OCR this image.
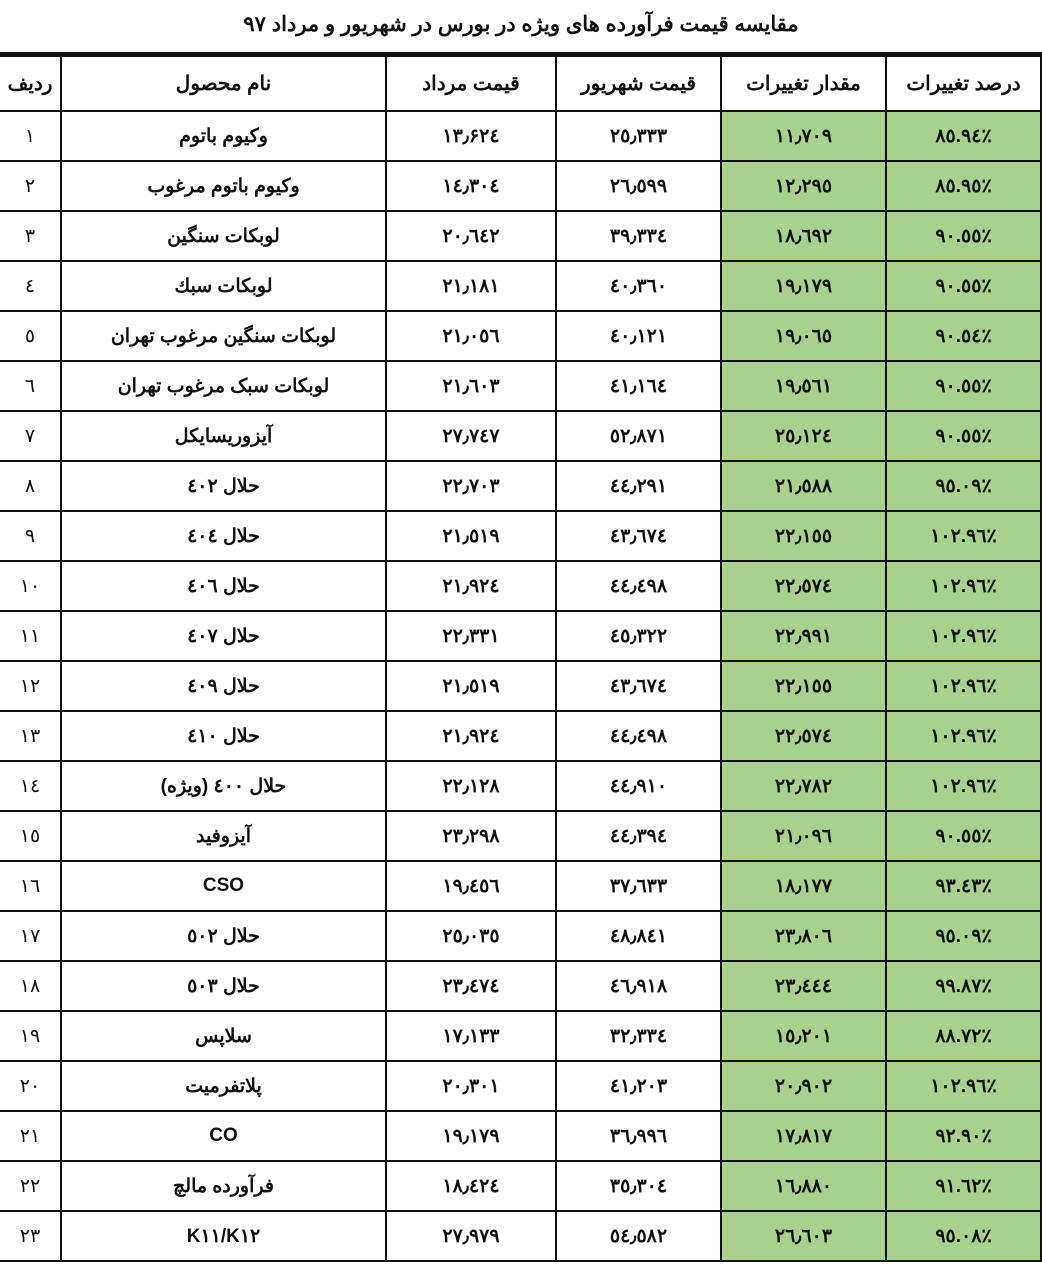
مقایسه قیمت فرآورده های ویژه در بورس در شهریور و مرداد ۹۷
درصد تغییرات	مقدار تغییرات	قیمت شهریور	قیمت مرداد	نام محصول	ردیف
۸٥.۹٤٪	۱۱٫۷۰۹	۲٥٫۳۳۳	۱۳٫۶۲٤	وکیوم باتوم	۱
۸٥.۹٥٪	۱۲٫۲۹٥	۲٦٫٥۹۹	۱٤٫۳۰٤	وکیوم باتوم مرغوب	۲
۹۰.٥٥٪	۱۸٫٦۹۲	۳۹٫۳۳٤	۲۰٫٦٤۲	لوبکات سنگین	۳
۹۰.٥٥٪	۱۹٫۱۷۹	٤۰٫۳٦۰	۲۱٫۱۸۱	لوبکات سبك	٤
۹۰.٥٤٪	۱۹٫۰٦٥	٤۰٫۱۲۱	۲۱٫۰٥٦	لوبکات سنگین مرغوب تهران	٥
۹۰.٥٥٪	۱۹٫٥٦۱	٤۱٫۱٦٤	۲۱٫٦۰۳	لوبکات سبک مرغوب تهران	٦
۹۰.٥٥٪	۲٥٫۱۲٤	٥۲٫۸۷۱	۲۷٫۷٤۷	آیزوریسایکل	۷
۹٥.۰۹٪	۲۱٫٥۸۸	٤٤٫۲۹۱	۲۲٫۷۰۳	حلال ٤۰۲	۸
۱۰۲.۹٦٪	۲۲٫۱٥٥	٤۳٫٦۷٤	۲۱٫٥۱۹	حلال ٤۰٤	۹
۱۰۲.۹٦٪	۲۲٫٥۷٤	٤٤٫٤۹۸	۲۱٫۹۲٤	حلال ٤۰٦	۱۰
۱۰۲.۹٦٪	۲۲٫۹۹۱	٤٥٫۳۲۲	۲۲٫۳۳۱	حلال ٤۰۷	۱۱
۱۰۲.۹٦٪	۲۲٫۱٥٥	٤۳٫٦۷٤	۲۱٫٥۱۹	حلال ٤۰۹	۱۲
۱۰۲.۹٦٪	۲۲٫٥۷٤	٤٤٫٤۹۸	۲۱٫۹۲٤	حلال ٤۱۰	۱۳
۱۰۲.۹٦٪	۲۲٫۷۸۲	٤٤٫۹۱۰	۲۲٫۱۲۸	حلال ٤۰۰ (ویژه)	۱٤
۹۰.٥٥٪	۲۱٫۰۹٦	٤٤٫۳۹٤	۲۳٫۲۹۸	آیزوفید	۱٥
۹۳.٤۳٪	۱۸٫۱۷۷	۳۷٫٦۳۳	۱۹٫٤٥٦	CSO	۱٦
۹٥.۰۹٪	۲۳٫۸۰٦	٤۸٫۸٤۱	۲٥٫۰۳٥	حلال ٥۰۲	۱۷
۹۹.۸۷٪	۲۳٫٤٤٤	٤٦٫۹۱۸	۲۳٫٤۷٤	حلال ٥۰۳	۱۸
۸۸.۷۲٪	۱٥٫۲۰۱	۳۲٫۳۳٤	۱۷٫۱۳۳	سلاپس	۱۹
۱۰۲.۹٦٪	۲۰٫۹۰۲	٤۱٫۲۰۳	۲۰٫۳۰۱	پلاتفرمیت	۲۰
۹۲.۹۰٪	۱۷٫۸۱۷	۳٦٫۹۹٦	۱۹٫۱۷۹	CO	۲۱
۹۱.٦۲٪	۱٦٫۸۸۰	۳٥٫۳۰٤	۱۸٫٤۲٤	فرآورده مالچ	۲۲
۹٥.۰۸٪	۲٦٫٦۰۳	٥٤٫٥۸۲	۲۷٫۹۷۹	K۱۱/K۱۲	۲۳
